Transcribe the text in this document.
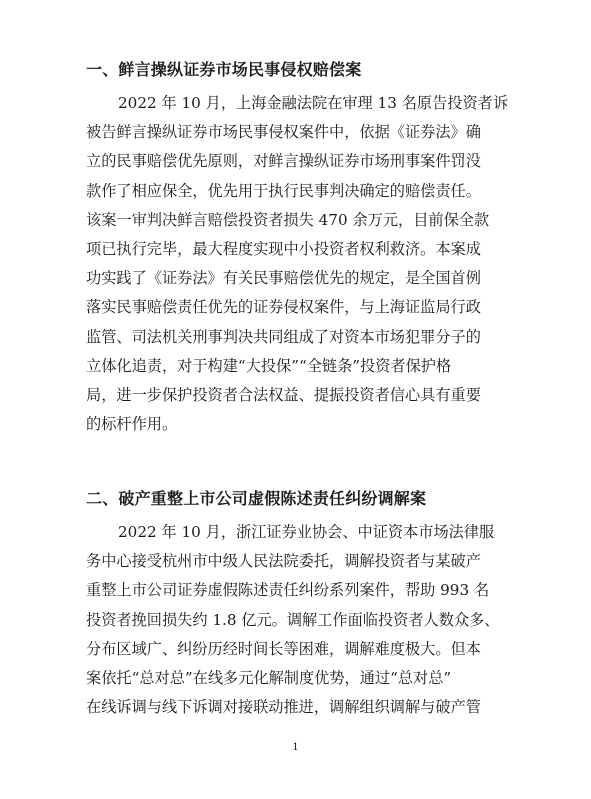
一、鲜言操纵证券市场民事侵权赔偿案
2022 年 10 月，上海金融法院在审理 13 名原告投资者诉
被告鲜言操纵证券市场民事侵权案件中，依据《证券法》确
立的民事赔偿优先原则，对鲜言操纵证券市场刑事案件罚没
款作了相应保全，优先用于执行民事判决确定的赔偿责任。
该案一审判决鲜言赔偿投资者损失 470 余万元，目前保全款
项已执行完毕，最大程度实现中小投资者权利救济。本案成
功实践了《证券法》有关民事赔偿优先的规定，是全国首例
落实民事赔偿责任优先的证券侵权案件，与上海证监局行政
监管、司法机关刑事判决共同组成了对资本市场犯罪分子的
立体化追责，对于构建“大投保”“全链条”投资者保护格
局，进一步保护投资者合法权益、提振投资者信心具有重要
的标杆作用。
二、破产重整上市公司虚假陈述责任纠纷调解案
2022 年 10 月，浙江证券业协会、中证资本市场法律服
务中心接受杭州市中级人民法院委托，调解投资者与某破产
重整上市公司证券虚假陈述责任纠纷系列案件，帮助 993 名
投资者挽回损失约 1.8 亿元。调解工作面临投资者人数众多、
分布区域广、纠纷历经时间长等困难，调解难度极大。但本
案依托“总对总”在线多元化解制度优势，通过“总对总”
在线诉调与线下诉调对接联动推进，调解组织调解与破产管
1
